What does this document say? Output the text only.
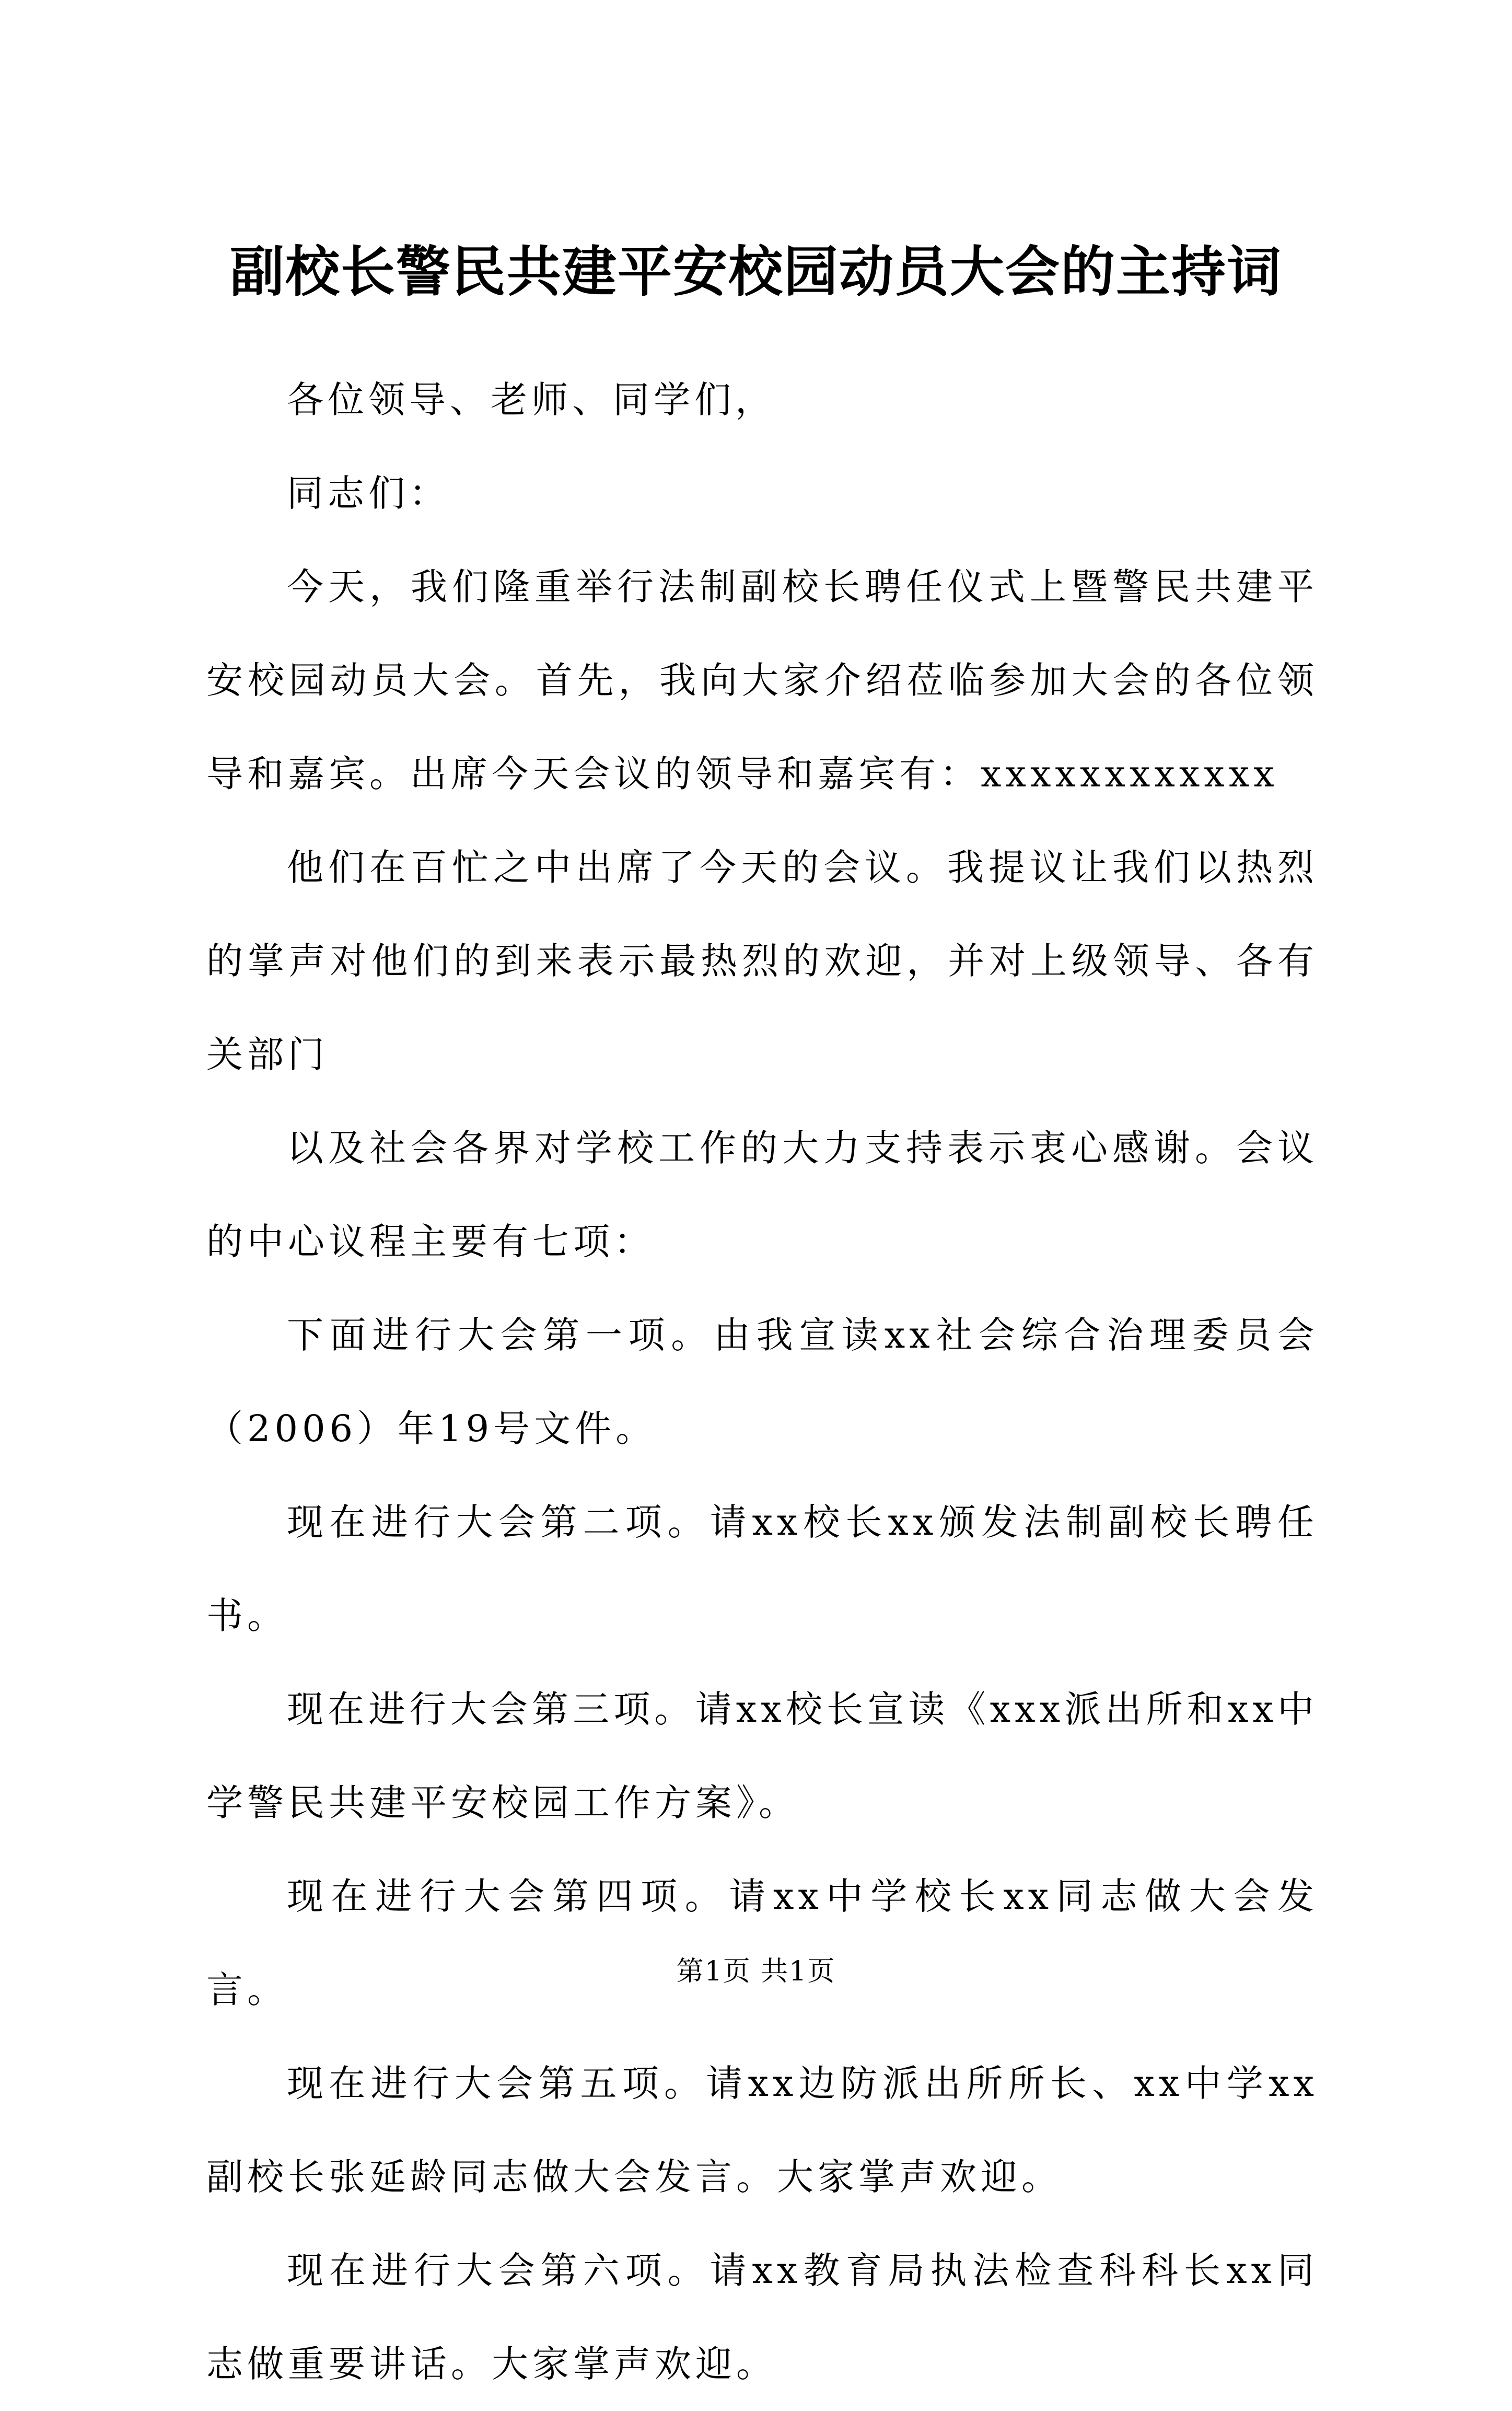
副校长警民共建平安校园动员大会的主持词

各位领导、老师、同学们，

同志们：

今天，我们隆重举行法制副校长聘任仪式上暨警民共建平安校园动员大会。首先，我向大家介绍莅临参加大会的各位领导和嘉宾。出席今天会议的领导和嘉宾有：xxxxxxxxxxxx

他们在百忙之中出席了今天的会议。我提议让我们以热烈的掌声对他们的到来表示最热烈的欢迎，并对上级领导、各有关部门

以及社会各界对学校工作的大力支持表示衷心感谢。会议的中心议程主要有七项：

下面进行大会第一项。由我宣读xx社会综合治理委员会（2006）年19号文件。

现在进行大会第二项。请xx校长xx颁发法制副校长聘任书。

现在进行大会第三项。请xx校长宣读《xxx派出所和xx中学警民共建平安校园工作方案》。

现在进行大会第四项。请xx中学校长xx同志做大会发言。

现在进行大会第五项。请xx边防派出所所长、xx中学xx副校长张延龄同志做大会发言。大家掌声欢迎。

现在进行大会第六项。请xx教育局执法检查科科长xx同志做重要讲话。大家掌声欢迎。

第1页 共1页
